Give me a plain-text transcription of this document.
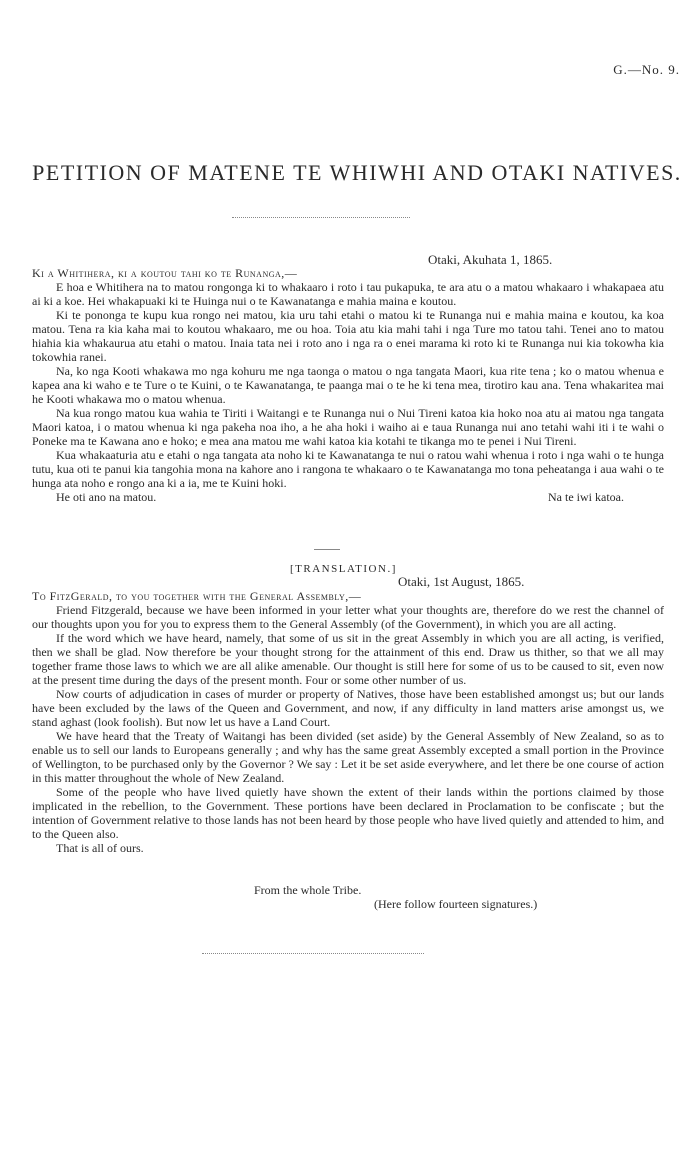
G.—No. 9.
PETITION OF MATENE TE WHIWHI AND OTAKI NATIVES.
Otaki, Akuhata 1, 1865.

Ki a Whitihera, ki a koutou tahi ko te Runanga,—

E hoa e Whitihera na to matou rongonga ki to whakaaro i roto i tau pukapuka, te ara atu o a matou whakaaro i whakapaea atu ai ki a koe. Hei whakapuaki ki te Huinga nui o te Kawanatanga e mahia maina e koutou.

Ki te pononga te kupu kua rongo nei matou, kia uru tahi etahi o matou ki te Runanga nui e mahia maina e koutou, ka koa matou. Tena ra kia kaha mai to koutou whakaaro, me ou hoa. Toia atu kia mahi tahi i nga Ture mo tatou tahi. Tenei ano to matou hiahia kia whakaurua atu etahi o matou. Inaia tata nei i roto ano i nga ra o enei marama ki roto ki te Runanga nui kia tokowha kia tokowhia ranei.

Na, ko nga Kooti whakawa mo nga kohuru me nga taonga o matou o nga tangata Maori, kua rite tena ; ko o matou whenua e kapea ana ki waho e te Ture o te Kuini, o te Kawanatanga, te paanga mai o te he ki tena mea, tirotiro kau ana. Tena whakaritea mai he Kooti whakawa mo o matou whenua.

Na kua rongo matou kua wahia te Tiriti i Waitangi e te Runanga nui o Nui Tireni katoa kia hoko noa atu ai matou nga tangata Maori katoa, i o matou whenua ki nga pakeha noa iho, a he aha hoki i waiho ai e taua Runanga nui ano tetahi wahi iti i te wahi o Poneke ma te Kawana ano e hoko; e mea ana matou me wahi katoa kia kotahi te tikanga mo te penei i Nui Tireni.

Kua whakaaturia atu e etahi o nga tangata ata noho ki te Kawanatanga te nui o ratou wahi whenua i roto i nga wahi o te hunga tutu, kua oti te panui kia tangohia mona na kahore ano i rangona te whakaaro o te Kawanatanga mo tona peheatanga i aua wahi o te hunga ata noho e rongo ana ki a ia, me te Kuini hoki.

He oti ano na matou.	Na te iwi katoa.
[TRANSLATION.]
Otaki, 1st August, 1865.

To FitzGerald, to you together with the General Assembly,—

Friend Fitzgerald, because we have been informed in your letter what your thoughts are, therefore do we rest the channel of our thoughts upon you for you to express them to the General Assembly (of the Government), in which you are all acting.

If the word which we have heard, namely, that some of us sit in the great Assembly in which you are all acting, is verified, then we shall be glad. Now therefore be your thought strong for the attainment of this end. Draw us thither, so that we all may together frame those laws to which we are all alike amenable. Our thought is still here for some of us to be caused to sit, even now at the present time during the days of the present month. Four or some other number of us.

Now courts of adjudication in cases of murder or property of Natives, those have been established amongst us; but our lands have been excluded by the laws of the Queen and Government, and now, if any difficulty in land matters arise amongst us, we stand aghast (look foolish). But now let us have a Land Court.

We have heard that the Treaty of Waitangi has been divided (set aside) by the General Assembly of New Zealand, so as to enable us to sell our lands to Europeans generally ; and why has the same great Assembly excepted a small portion in the Province of Wellington, to be purchased only by the Governor ? We say : Let it be set aside everywhere, and let there be one course of action in this matter throughout the whole of New Zealand.

Some of the people who have lived quietly have shown the extent of their lands within the portions claimed by those implicated in the rebellion, to the Government. These portions have been declared in Proclamation to be confiscate ; but the intention of Government relative to those lands has not been heard by those people who have lived quietly and attended to him, and to the Queen also.

That is all of ours.

From the whole Tribe.
(Here follow fourteen signatures.)
